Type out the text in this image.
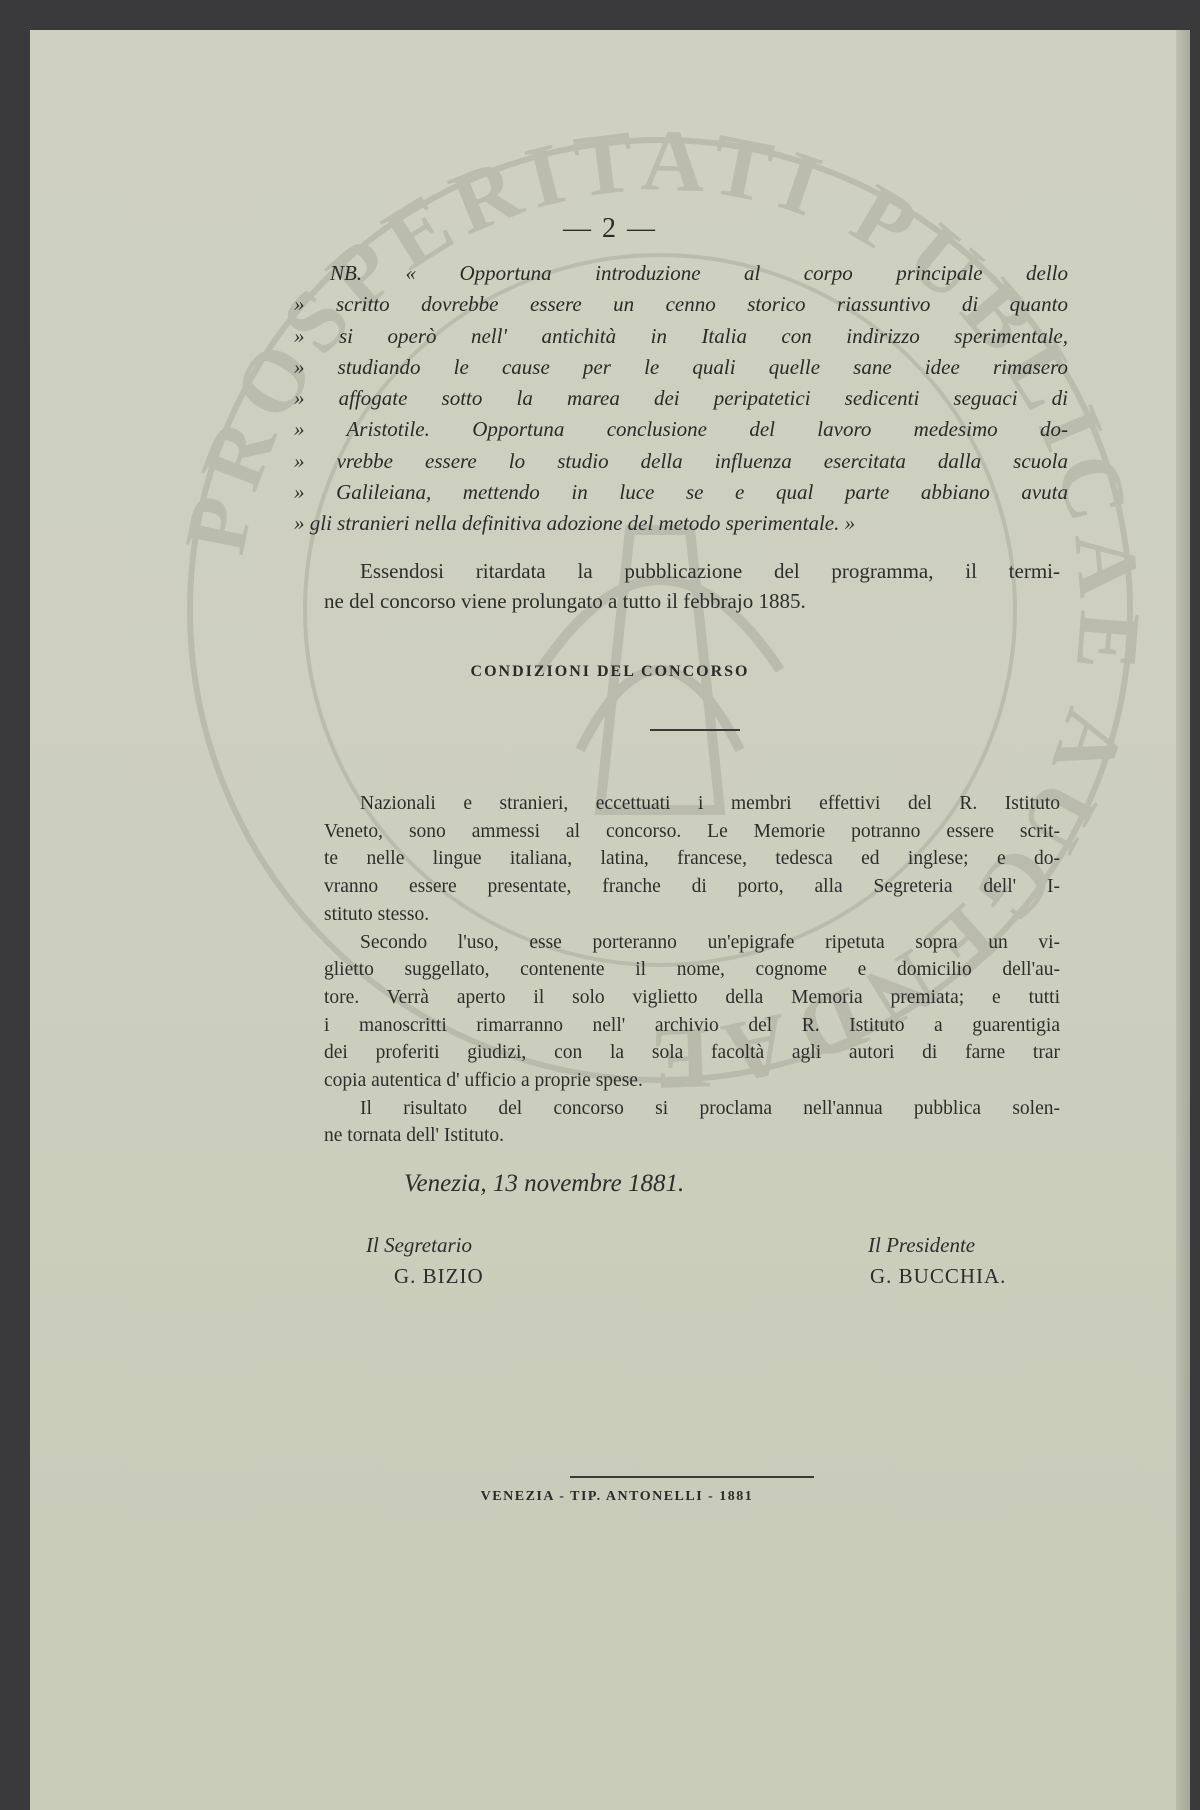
PROSPERITATI PUBLICAE AUGENDAE
— 2 —
NB. « Opportuna introduzione al corpo principale dello
» scritto dovrebbe essere un cenno storico riassuntivo di quanto
» si operò nell' antichità in Italia con indirizzo sperimentale,
» studiando le cause per le quali quelle sane idee rimasero
» affogate sotto la marea dei peripatetici sedicenti seguaci di
» Aristotile. Opportuna conclusione del lavoro medesimo do-
» vrebbe essere lo studio della influenza esercitata dalla scuola
» Galileiana, mettendo in luce se e qual parte abbiano avuta
» gli stranieri nella definitiva adozione del metodo sperimentale. »
Essendosi ritardata la pubblicazione del programma, il termi-
ne del concorso viene prolungato a tutto il febbrajo 1885.
CONDIZIONI DEL CONCORSO
Nazionali e stranieri, eccettuati i membri effettivi del R. Istituto
Veneto, sono ammessi al concorso. Le Memorie potranno essere scrit-
te nelle lingue italiana, latina, francese, tedesca ed inglese; e do-
vranno essere presentate, franche di porto, alla Segreteria dell' I-
stituto stesso.
Secondo l'uso, esse porteranno un'epigrafe ripetuta sopra un vi-
glietto suggellato, contenente il nome, cognome e domicilio dell'au-
tore. Verrà aperto il solo viglietto della Memoria premiata; e tutti
i manoscritti rimarranno nell' archivio del R. Istituto a guarentigia
dei proferiti giudizi, con la sola facoltà agli autori di farne trar
copia autentica d' ufficio a proprie spese.
Il risultato del concorso si proclama nell'annua pubblica solen-
ne tornata dell' Istituto.
Venezia, 13 novembre 1881.
Il Segretario
G. BIZIO
Il Presidente
G. BUCCHIA.
VENEZIA - TIP. ANTONELLI - 1881
